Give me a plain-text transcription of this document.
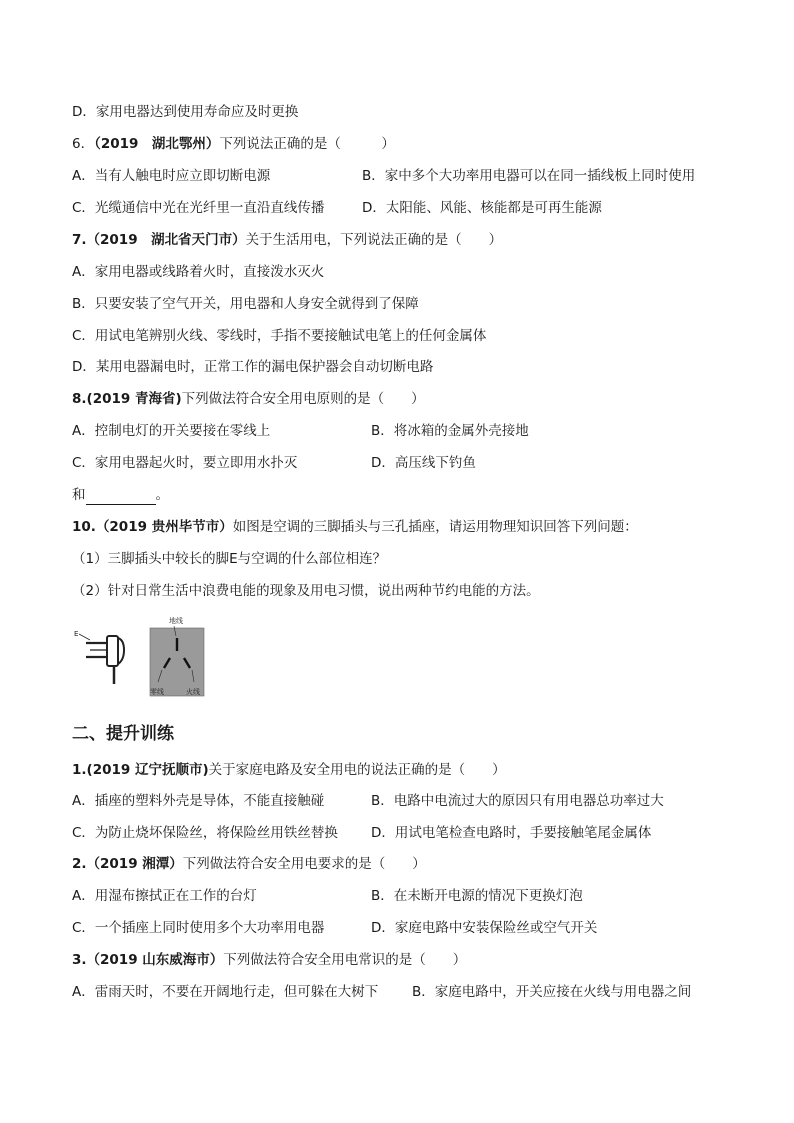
D．家用电器达到使用寿命应及时更换
6．（2019　湖北鄂州）下列说法正确的是（　　　）
A．当有人触电时应立即切断电源	B．家中多个大功率用电器可以在同一插线板上同时使用
C．光缆通信中光在光纤里一直沿直线传播	D．太阳能、风能、核能都是可再生能源
7.（2019　湖北省天门市）关于生活用电，下列说法正确的是（　　）
A．家用电器或线路着火时，直接泼水灭火
B．只要安装了空气开关，用电器和人身安全就得到了保障
C．用试电笔辨别火线、零线时，手指不要接触试电笔上的任何金属体
D．某用电器漏电时，正常工作的漏电保护器会自动切断电路
8.(2019 青海省)下列做法符合安全用电原则的是（　　）
A．控制电灯的开关要接在零线上	B．将冰箱的金属外壳接地
C．家用电器起火时，要立即用水扑灭	D．高压线下钓鱼
和	。
10.（2019 贵州毕节市）如图是空调的三脚插头与三孔插座，请运用物理知识回答下列问题：
（1）三脚插头中较长的脚E与空调的什么部位相连？
（2）针对日常生活中浪费电能的现象及用电习惯，说出两种节约电能的方法。
E
地线
零线	火线
二、提升训练
1.(2019 辽宁抚顺市)关于家庭电路及安全用电的说法正确的是（　　）
A．插座的塑料外壳是导体，不能直接触碰	B．电路中电流过大的原因只有用电器总功率过大
C．为防止烧坏保险丝，将保险丝用铁丝替换 D．用试电笔检查电路时，手要接触笔尾金属体
2.（2019 湘潭）下列做法符合安全用电要求的是（　　）
A．用湿布擦拭正在工作的台灯	B．在未断开电源的情况下更换灯泡
C．一个插座上同时使用多个大功率用电器	D．家庭电路中安装保险丝或空气开关
3.（2019 山东威海市）下列做法符合安全用电常识的是（　　）
A．雷雨天时，不要在开阔地行走，但可躲在大树下	B．家庭电路中，开关应接在火线与用电器之间
